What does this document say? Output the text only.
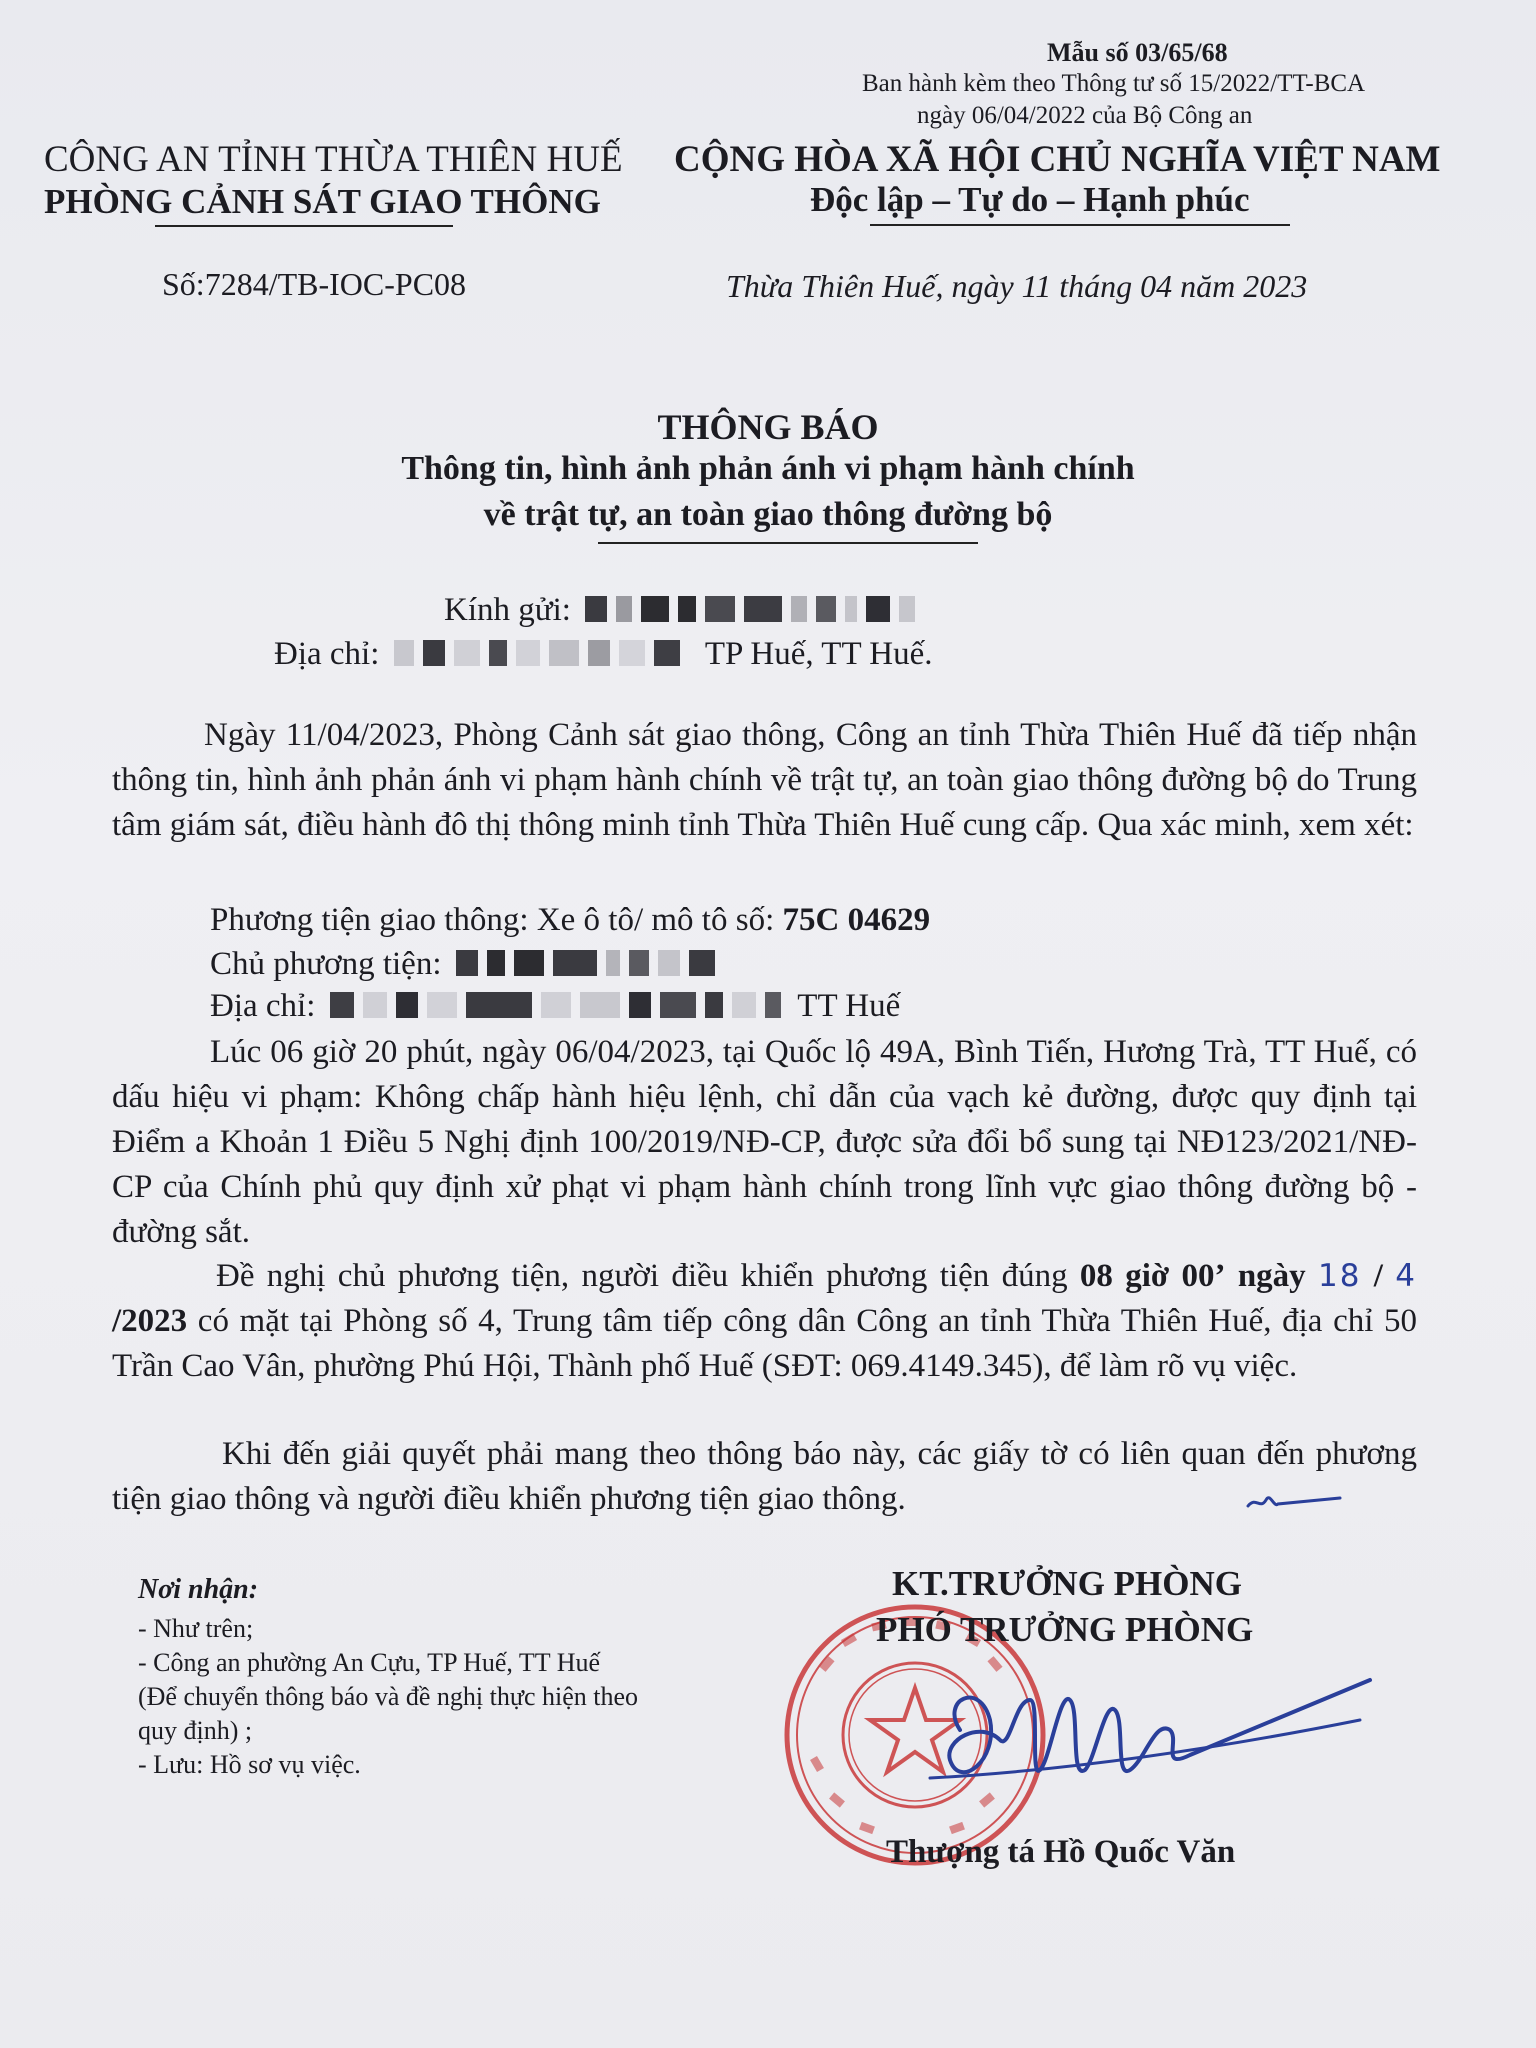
Mẫu số 03/65/68
Ban hành kèm theo Thông tư số 15/2022/TT-BCA
ngày 06/04/2022 của Bộ Công an
CÔNG AN TỈNH THỪA THIÊN HUẾ
PHÒNG CẢNH SÁT GIAO THÔNG
Số:7284/TB-IOC-PC08
CỘNG HÒA XÃ HỘI CHỦ NGHĨA VIỆT NAM
Độc lập – Tự do – Hạnh phúc
Thừa Thiên Huế, ngày 11 tháng 04 năm 2023
THÔNG BÁO
Thông tin, hình ảnh phản ánh vi phạm hành chính
về trật tự, an toàn giao thông đường bộ
Kính gửi:
Địa chỉ:	TP Huế, TT Huế.
Ngày 11/04/2023, Phòng Cảnh sát giao thông, Công an tỉnh Thừa Thiên Huế đã tiếp nhận thông tin, hình ảnh phản ánh vi phạm hành chính về trật tự, an toàn giao thông đường bộ do Trung tâm giám sát, điều hành đô thị thông minh tỉnh Thừa Thiên Huế cung cấp. Qua xác minh, xem xét:
Phương tiện giao thông: Xe ô tô/ mô tô số: 75C 04629
Chủ phương tiện:
Địa chỉ:	TT Huế
Lúc 06 giờ 20 phút, ngày 06/04/2023, tại Quốc lộ 49A, Bình Tiến, Hương Trà, TT Huế, có dấu hiệu vi phạm: Không chấp hành hiệu lệnh, chỉ dẫn của vạch kẻ đường, được quy định tại Điểm a Khoản 1 Điều 5 Nghị định 100/2019/NĐ-CP, được sửa đổi bổ sung tại NĐ123/2021/NĐ-CP của Chính phủ quy định xử phạt vi phạm hành chính trong lĩnh vực giao thông đường bộ - đường sắt.
Đề nghị chủ phương tiện, người điều khiển phương tiện đúng 08 giờ 00’ ngày 18 / 4 /2023 có mặt tại Phòng số 4, Trung tâm tiếp công dân Công an tỉnh Thừa Thiên Huế, địa chỉ 50 Trần Cao Vân, phường Phú Hội, Thành phố Huế (SĐT: 069.4149.345), để làm rõ vụ việc.
Khi đến giải quyết phải mang theo thông báo này, các giấy tờ có liên quan đến phương tiện giao thông và người điều khiển phương tiện giao thông.
Nơi nhận:
- Như trên;
- Công an phường An Cựu, TP Huế, TT Huế
(Để chuyển thông báo và đề nghị thực hiện theo
quy định) ;
- Lưu: Hồ sơ vụ việc.
KT.TRƯỞNG PHÒNG
PHÓ TRƯỞNG PHÒNG
Thượng tá Hồ Quốc Văn
